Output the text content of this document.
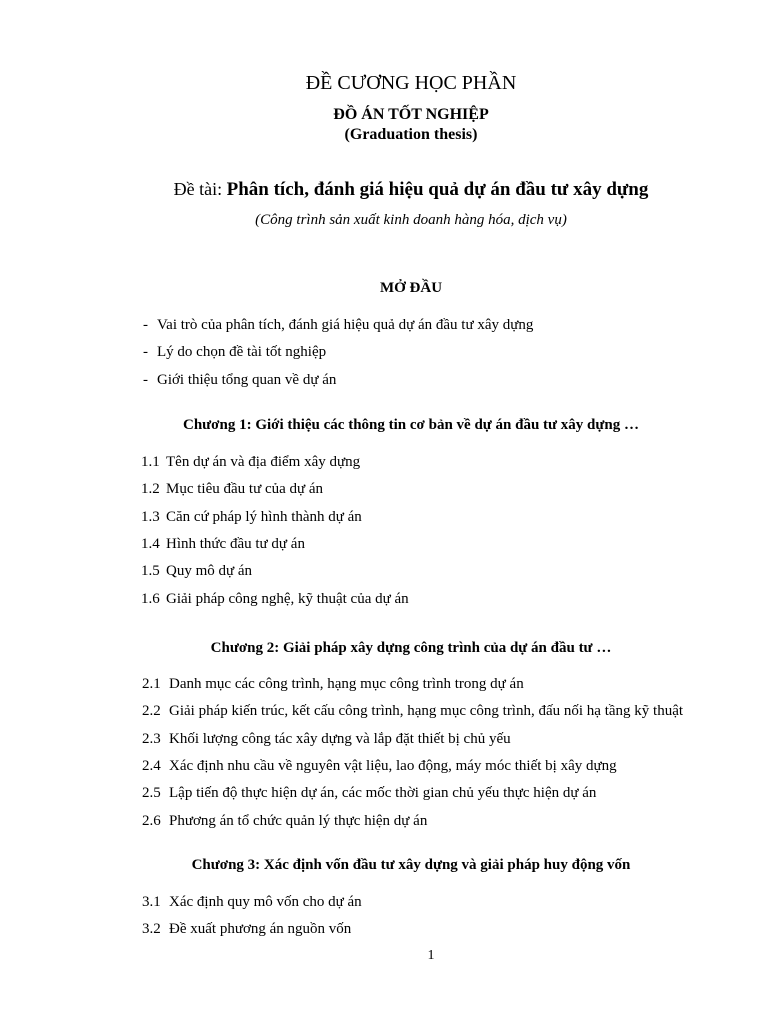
ĐỀ CƯƠNG HỌC PHẦN
ĐỒ ÁN TỐT NGHIỆP
(Graduation thesis)
Đề tài: Phân tích, đánh giá hiệu quả dự án đầu tư xây dựng
(Công trình sản xuất kinh doanh hàng hóa, dịch vụ)
MỞ ĐẦU
- Vai trò của phân tích, đánh giá hiệu quả dự án đầu tư xây dựng
- Lý do chọn đề tài tốt nghiệp
- Giới thiệu tổng quan về dự án
Chương 1: Giới thiệu các thông tin cơ bản về dự án đầu tư xây dựng …
1.1 Tên dự án và địa điểm xây dựng
1.2 Mục tiêu đầu tư của dự án
1.3 Căn cứ pháp lý hình thành dự án
1.4 Hình thức đầu tư dự án
1.5 Quy mô dự án
1.6 Giải pháp công nghệ, kỹ thuật của dự án
Chương 2: Giải pháp xây dựng công trình của dự án đầu tư …
2.1 Danh mục các công trình, hạng mục công trình trong dự án
2.2 Giải pháp kiến trúc, kết cấu công trình, hạng mục công trình, đấu nối hạ tầng kỹ thuật
2.3 Khối lượng công tác xây dựng và lắp đặt thiết bị chủ yếu
2.4 Xác định nhu cầu về nguyên vật liệu, lao động, máy móc thiết bị xây dựng
2.5 Lập tiến độ thực hiện dự án, các mốc thời gian chủ yếu thực hiện dự án
2.6 Phương án tổ chức quản lý thực hiện dự án
Chương 3: Xác định vốn đầu tư xây dựng và giải pháp huy động vốn
3.1 Xác định quy mô vốn cho dự án
3.2 Đề xuất phương án nguồn vốn
1
